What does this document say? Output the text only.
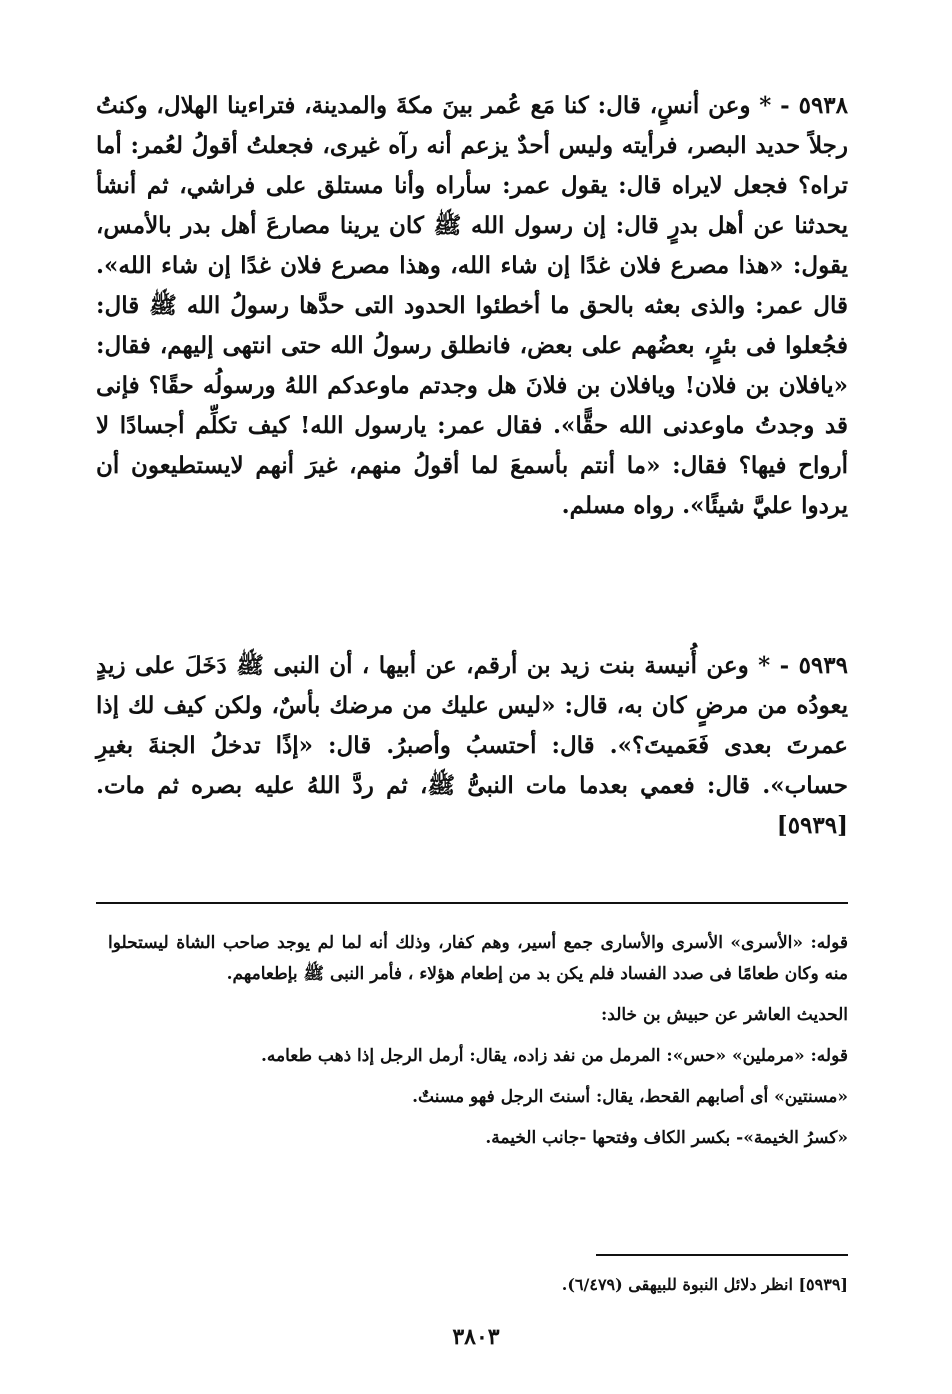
٥٩٣٨ - * وعن أنسٍ، قال: كنا مَع عُمر بينَ مكةَ والمدينة، فتراءينا الهلال، وكنتُ رجلاً حديد البصر، فرأيته وليس أحدٌ يزعم أنه رآه غيرى، فجعلتُ أقولُ لعُمر: أما تراه؟ فجعل لايراه قال: يقول عمر: سأراه وأنا مستلق على فراشي، ثم أنشأ يحدثنا عن أهل بدرٍ قال: إن رسول الله ﷺ كان يرينا مصارعَ أهل بدر بالأمس، يقول: «هذا مصرع فلان غدًا إن شاء الله، وهذا مصرع فلان غدًا إن شاء الله». قال عمر: والذى بعثه بالحق ما أخطئوا الحدود التى حدَّها رسولُ الله ﷺ قال: فجُعلوا فى بئرٍ، بعضُهم على بعض، فانطلق رسولُ الله حتى انتهى إليهم، فقال: «يافلان بن فلان! ويافلان بن فلانَ هل وجدتم ماوعدكم اللهُ ورسولُه حقًا؟ فإنى قد وجدتُ ماوعدنى الله حقًّا». فقال عمر: يارسول الله! كيف تكلِّم أجسادًا لا أرواح فيها؟ فقال: «ما أنتم بأسمعَ لما أقولُ منهم، غيرَ أنهم لايستطيعون أن يردوا عليَّ شيئًا». رواه مسلم.

٥٩٣٩ - * وعن أُنيسة بنت زيد بن أرقم، عن أبيها ، أن النبى ﷺ دَخَلَ على زيدٍ يعودُه من مرضٍ كان به، قال: «ليس عليك من مرضك بأسٌ، ولكن كيف لك إذا عمرتَ بعدى فَعَميتَ؟». قال: أحتسبُ وأصبرُ. قال: «إذًا تدخلُ الجنةَ بغيرِ حساب». قال: فعمي بعدما مات النبىُّ ﷺ، ثم ردَّ اللهُ عليه بصره ثم مات. [٥٩٣٩]

قوله: «الأسرى» الأسرى والأسارى جمع أسير، وهم كفار، وذلك أنه لما لم يوجد صاحب الشاة ليستحلوا منه وكان طعامًا فى صدد الفساد فلم يكن بد من إطعام هؤلاء ، فأمر النبى ﷺ بإطعامهم.

الحديث العاشر عن حبيش بن خالد:

قوله: «مرملين» «حس»: المرمل من نفد زاده، يقال: أرمل الرجل إذا ذهب طعامه.

«مسنتين» أى أصابهم القحط، يقال: أسنتَ الرجل فهو مسنتٌ.

«كسرُ الخيمة»- بكسر الكاف وفتحها -جانب الخيمة.

[٥٩٣٩] انظر دلائل النبوة للبيهقى (٦/٤٧٩).

٣٨٠٣
